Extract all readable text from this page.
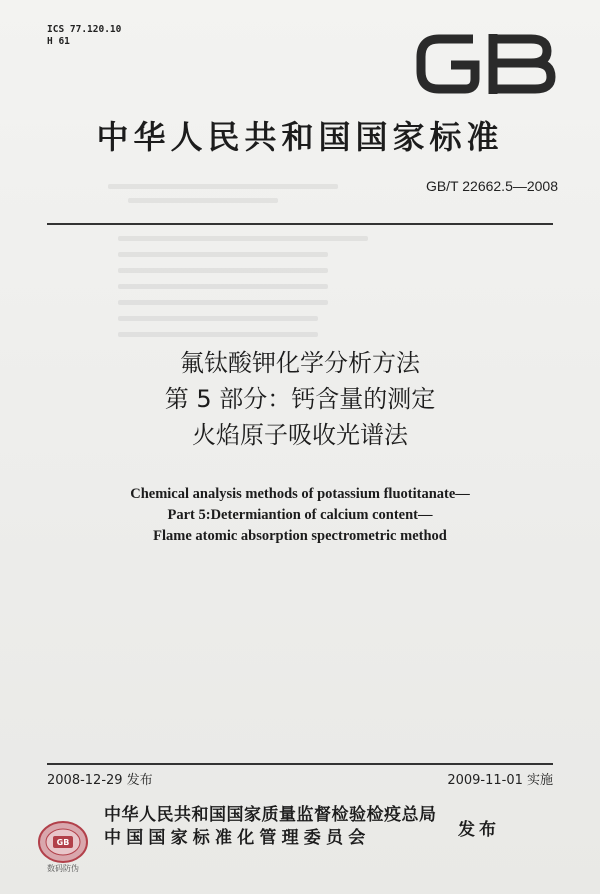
ICS 77.120.10
H 61
中华人民共和国国家标准
GB/T 22662.5—2008
氟钛酸钾化学分析方法
第 5 部分：钙含量的测定
火焰原子吸收光谱法
Chemical analysis methods of potassium fluotitanate—
Part 5:Determiantion of calcium content—
Flame atomic absorption spectrometric method
2008-12-29 发布	2009-11-01 实施
GB
数码防伪
中华人民共和国国家质量监督检验检疫总局
中国国家标准化管理委员会	发布
